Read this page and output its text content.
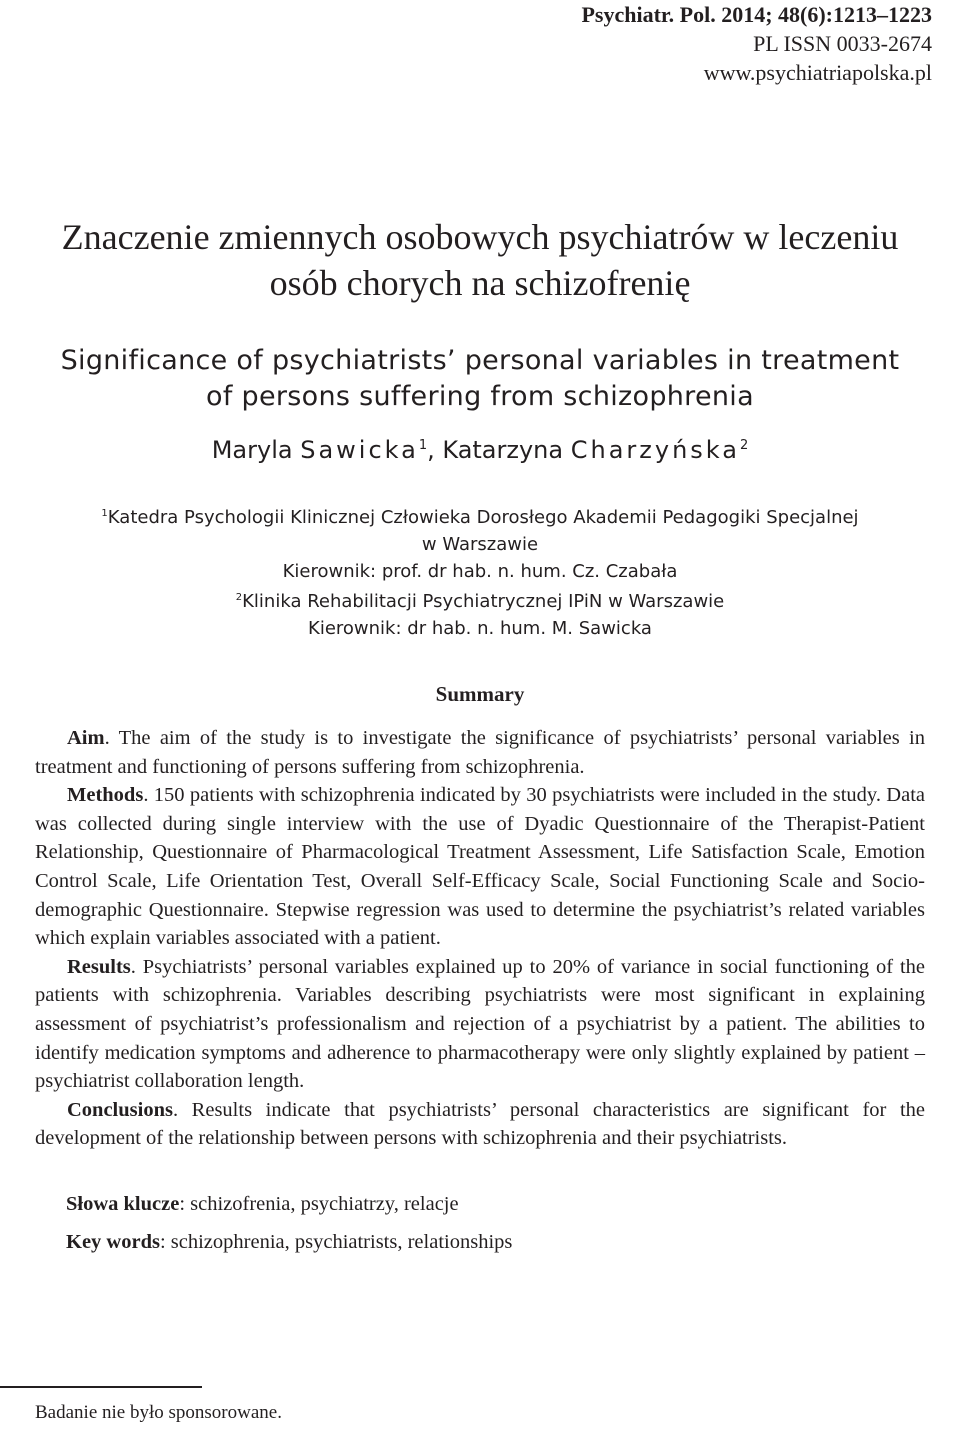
Psychiatr. Pol. 2014; 48(6):1213–1223
PL ISSN 0033-2674
www.psychiatriapolska.pl
Znaczenie zmiennych osobowych psychiatrów w leczeniu
osób chorych na schizofrenię
Significance of psychiatrists’ personal variables in treatment
of persons suffering from schizophrenia
Maryla Sawicka$^1$, Katarzyna Charzyńska$^2$
$^1$Katedra Psychologii Klinicznej Człowieka Dorosłego Akademii Pedagogiki Specjalnej
w Warszawie
Kierownik: prof. dr hab. n. hum. Cz. Czabała
$^2$Klinika Rehabilitacji Psychiatrycznej IPiN w Warszawie
Kierownik: dr hab. n. hum. M. Sawicka
Summary

Aim. The aim of the study is to investigate the significance of psychiatrists’ personal variables in treatment and functioning of persons suffering from schizophrenia.

Methods. 150 patients with schizophrenia indicated by 30 psychiatrists were included in the study. Data was collected during single interview with the use of Dyadic Questionnaire of the Therapist-Patient Relationship, Questionnaire of Pharmacological Treatment Assessment, Life Satisfaction Scale, Emotion Control Scale, Life Orientation Test, Overall Self-Efficacy Scale, Social Functioning Scale and Socio- demographic Questionnaire. Stepwise regression was used to determine the psychiatrist’s related variables which explain variables associated with a patient.

Results. Psychiatrists’ personal variables explained up to 20% of variance in social functioning of the patients with schizophrenia. Variables describing psychiatrists were most significant in explaining assessment of psychiatrist’s professionalism and rejection of a psychiatrist by a patient. The abilities to identify medication symptoms and adherence to pharmacotherapy were only slightly explained by patient – psychiatrist collaboration length.

Conclusions. Results indicate that psychiatrists’ personal characteristics are significant for the development of the relationship between persons with schizophrenia and their psychiatrists.

Słowa klucze: schizofrenia, psychiatrzy, relacje
Key words: schizophrenia, psychiatrists, relationships
Badanie nie było sponsorowane.
